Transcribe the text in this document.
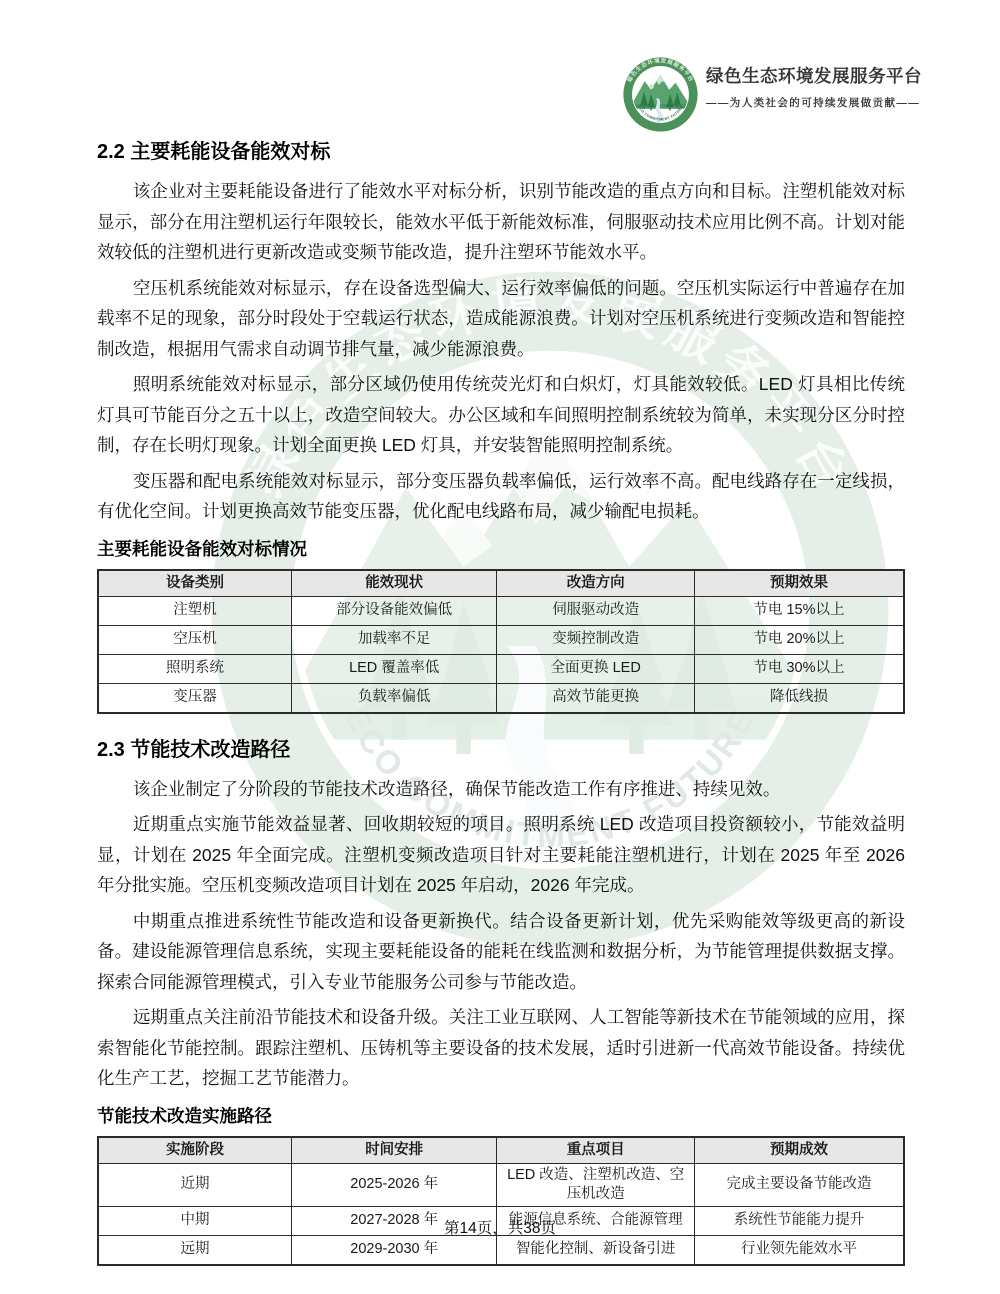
绿色生态环境发展服务平台
——为人类社会的可持续发展做贡献——
2.2 主要耗能设备能效对标

该企业对主要耗能设备进行了能效水平对标分析，识别节能改造的重点方向和目标。注塑机能效对标显示，部分在用注塑机运行年限较长，能效水平低于新能效标准，伺服驱动技术应用比例不高。计划对能效较低的注塑机进行更新改造或变频节能改造，提升注塑环节能效水平。

空压机系统能效对标显示，存在设备选型偏大、运行效率偏低的问题。空压机实际运行中普遍存在加载率不足的现象，部分时段处于空载运行状态，造成能源浪费。计划对空压机系统进行变频改造和智能控制改造，根据用气需求自动调节排气量，减少能源浪费。

照明系统能效对标显示，部分区域仍使用传统荧光灯和白炽灯，灯具能效较低。LED 灯具相比传统灯具可节能百分之五十以上，改造空间较大。办公区域和车间照明控制系统较为简单，未实现分区分时控制，存在长明灯现象。计划全面更换 LED 灯具，并安装智能照明控制系统。

变压器和配电系统能效对标显示，部分变压器负载率偏低，运行效率不高。配电线路存在一定线损，有优化空间。计划更换高效节能变压器，优化配电线路布局，减少输配电损耗。

主要耗能设备能效对标情况
设备类别	能效现状	改造方向	预期效果
注塑机	部分设备能效偏低	伺服驱动改造	节电 15%以上
空压机	加载率不足	变频控制改造	节电 20%以上
照明系统	LED 覆盖率低	全面更换 LED	节电 30%以上
变压器	负载率偏低	高效节能更换	降低线损
2.3 节能技术改造路径

该企业制定了分阶段的节能技术改造路径，确保节能改造工作有序推进、持续见效。

近期重点实施节能效益显著、回收期较短的项目。照明系统 LED 改造项目投资额较小，节能效益明显，计划在 2025 年全面完成。注塑机变频改造项目针对主要耗能注塑机进行，计划在 2025 年至 2026 年分批实施。空压机变频改造项目计划在 2025 年启动，2026 年完成。

中期重点推进系统性节能改造和设备更新换代。结合设备更新计划，优先采购能效等级更高的新设备。建设能源管理信息系统，实现主要耗能设备的能耗在线监测和数据分析，为节能管理提供数据支撑。探索合同能源管理模式，引入专业节能服务公司参与节能改造。

远期重点关注前沿节能技术和设备升级。关注工业互联网、人工智能等新技术在节能领域的应用，探索智能化节能控制。跟踪注塑机、压铸机等主要设备的技术发展，适时引进新一代高效节能设备。持续优化生产工艺，挖掘工艺节能潜力。

节能技术改造实施路径
实施阶段	时间安排	重点项目	预期成效
近期	2025-2026 年	LED 改造、注塑机改造、空压机改造	完成主要设备节能改造
中期	2027-2028 年	能源信息系统、合能源管理	系统性节能能力提升
远期	2029-2030 年	智能化控制、新设备引进	行业领先能效水平
第14页，共38页
